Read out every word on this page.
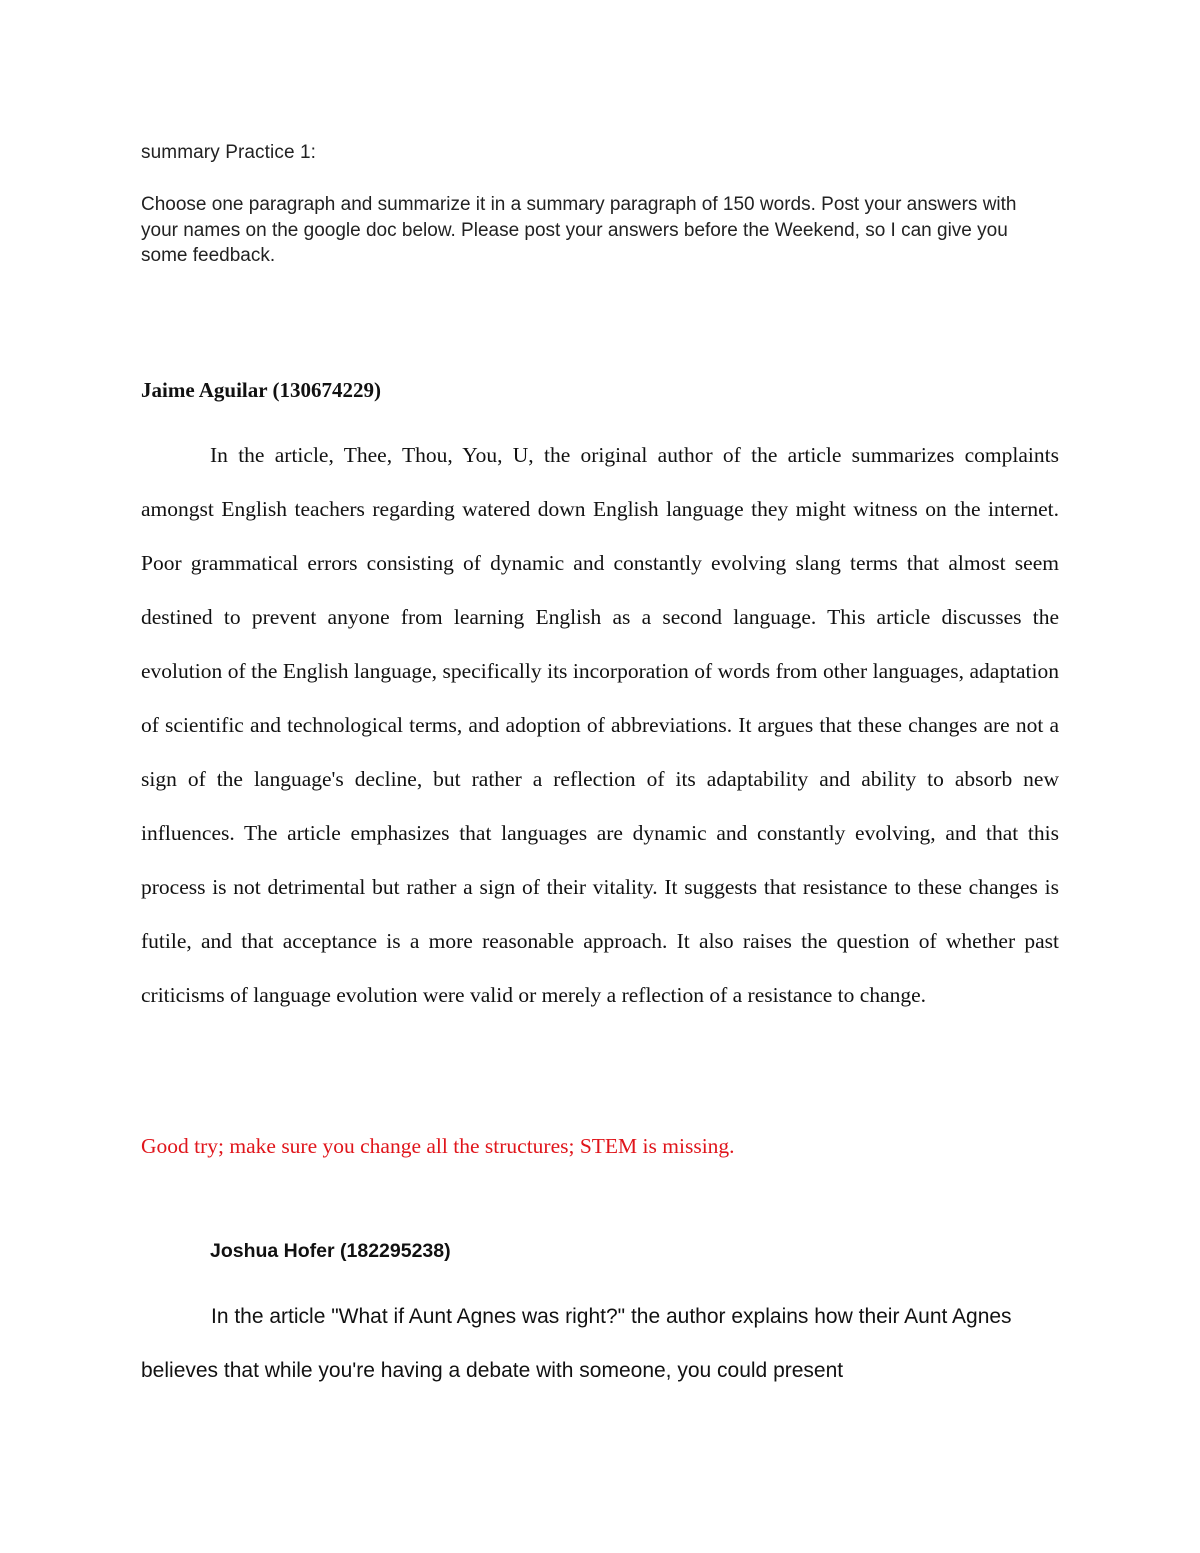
summary Practice 1:

Choose one paragraph and summarize it in a summary paragraph of 150 words. Post your answers with your names on the google doc below. Please post your answers before the Weekend, so I can give you some feedback.

Jaime Aguilar (130674229)

In the article, Thee, Thou, You, U, the original author of the article summarizes complaints amongst English teachers regarding watered down English language they might witness on the internet. Poor grammatical errors consisting of dynamic and constantly evolving slang terms that almost seem destined to prevent anyone from learning English as a second language. This article discusses the evolution of the English language, specifically its incorporation of words from other languages, adaptation of scientific and technological terms, and adoption of abbreviations. It argues that these changes are not a sign of the language's decline, but rather a reflection of its adaptability and ability to absorb new influences. The article emphasizes that languages are dynamic and constantly evolving, and that this process is not detrimental but rather a sign of their vitality. It suggests that resistance to these changes is futile, and that acceptance is a more reasonable approach. It also raises the question of whether past criticisms of language evolution were valid or merely a reflection of a resistance to change.

Good try; make sure you change all the structures; STEM is missing.
Joshua Hofer (182295238)

In the article "What if Aunt Agnes was right?" the author explains how their Aunt Agnes believes that while you're having a debate with someone, you could present
